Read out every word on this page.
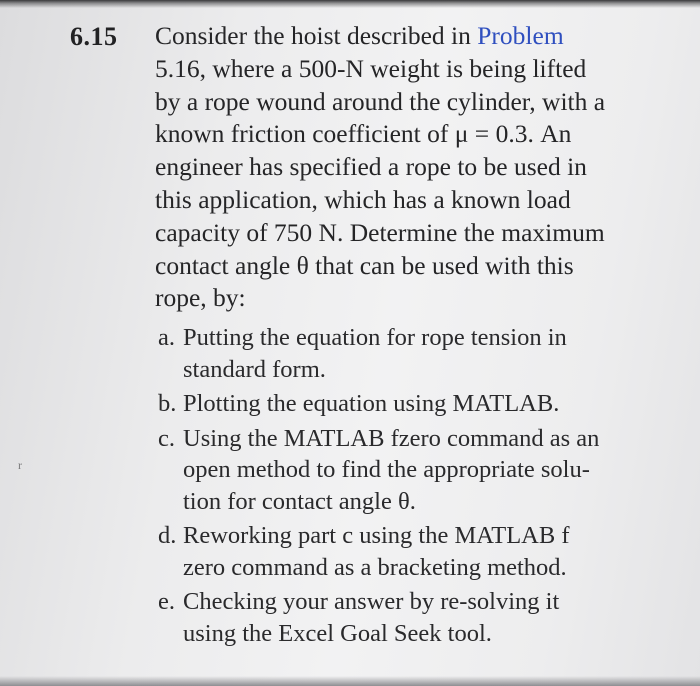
6.15 Consider the hoist described in Problem
5.16, where a 500-N weight is being lifted
by a rope wound around the cylinder, with a
known friction coefficient of μ = 0.3. An
engineer has specified a rope to be used in
this application, which has a known load
capacity of 750 N. Determine the maximum
contact angle θ that can be used with this
rope, by:
a. Putting the equation for rope tension in
standard form.
b. Plotting the equation using MATLAB.
c. Using the MATLAB fzero command as an
open method to find the appropriate solu-
tion for contact angle θ.
d. Reworking part c using the MATLAB f
zero command as a bracketing method.
e. Checking your answer by re-solving it
using the Excel Goal Seek tool.
r
